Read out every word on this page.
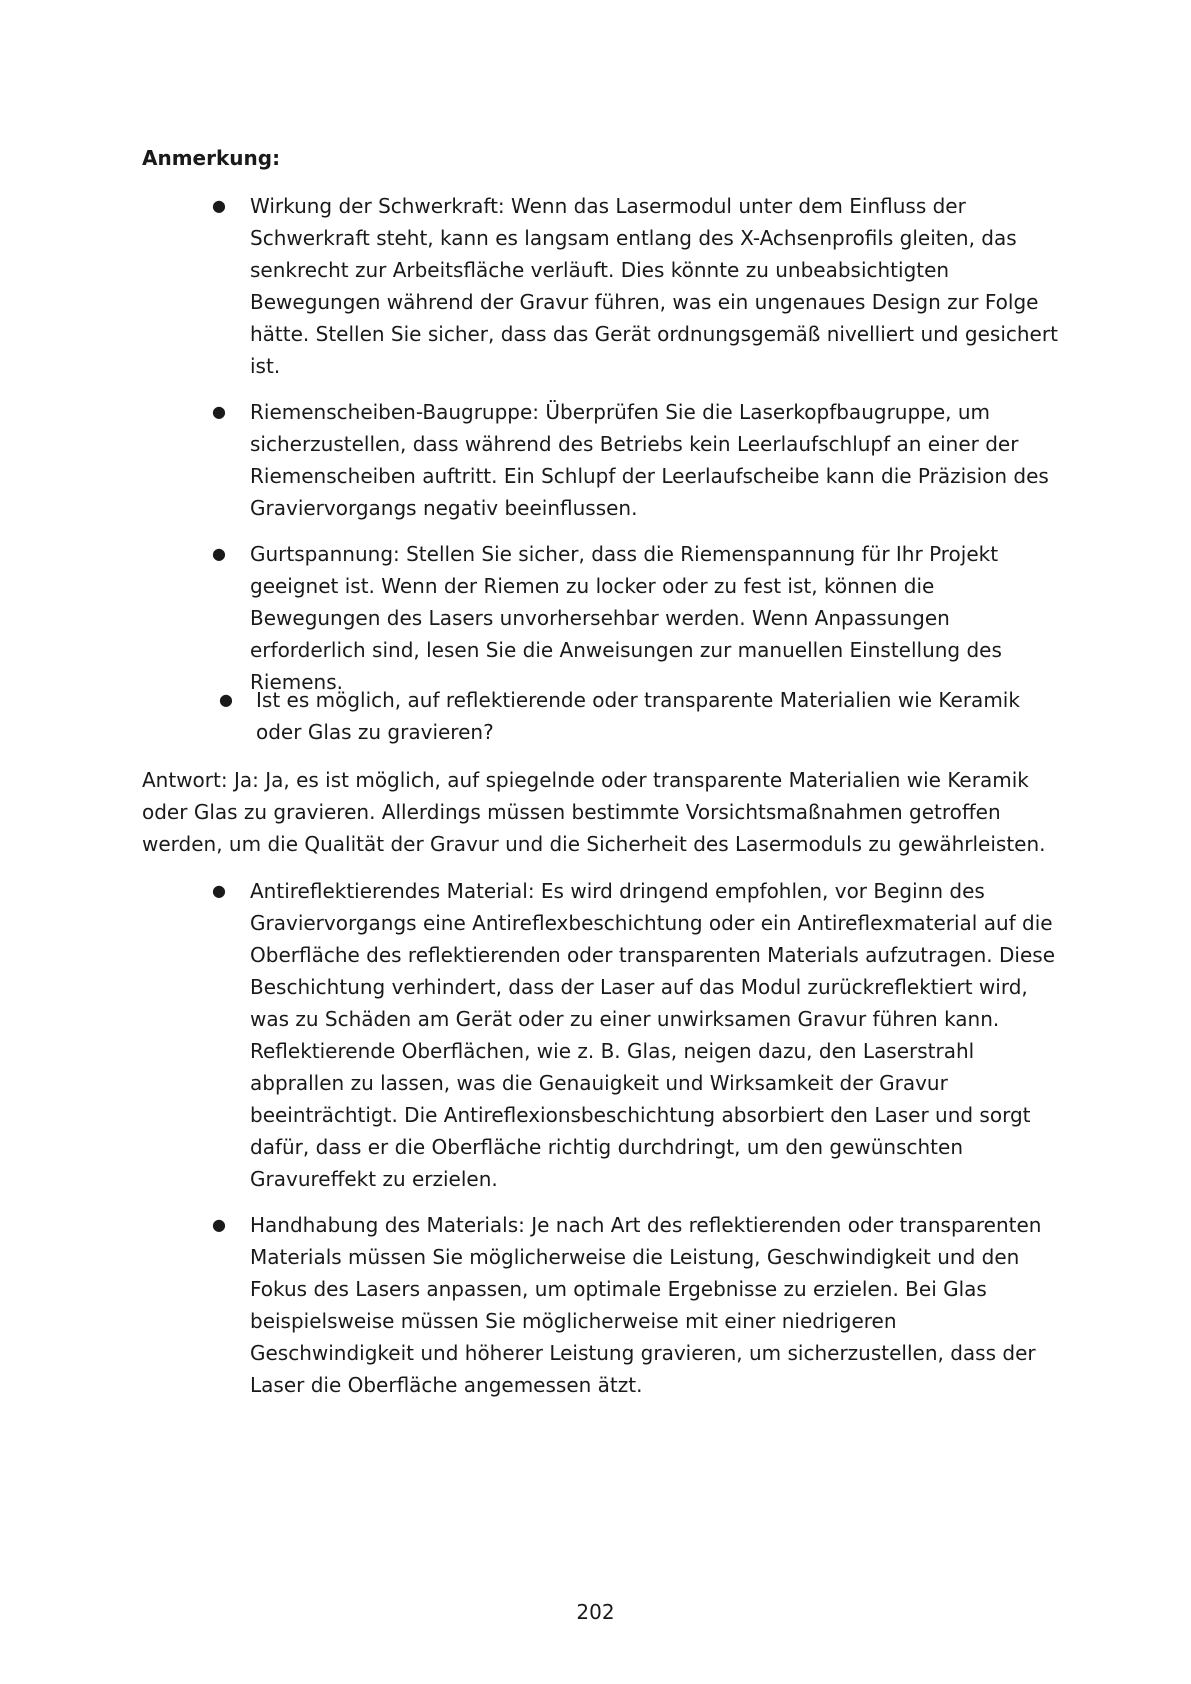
Anmerkung:
● Wirkung der Schwerkraft: Wenn das Lasermodul unter dem Einfluss der Schwerkraft steht, kann es langsam entlang des X-Achsenprofils gleiten, das senkrecht zur Arbeitsfläche verläuft. Dies könnte zu unbeabsichtigten Bewegungen während der Gravur führen, was ein ungenaues Design zur Folge hätte. Stellen Sie sicher, dass das Gerät ordnungsgemäß nivelliert und gesichert ist.
● Riemenscheiben-Baugruppe: Überprüfen Sie die Laserkopfbaugruppe, um sicherzustellen, dass während des Betriebs kein Leerlaufschlupf an einer der Riemenscheiben auftritt. Ein Schlupf der Leerlaufscheibe kann die Präzision des Graviervorgangs negativ beeinflussen.
● Gurtspannung: Stellen Sie sicher, dass die Riemenspannung für Ihr Projekt geeignet ist. Wenn der Riemen zu locker oder zu fest ist, können die Bewegungen des Lasers unvorhersehbar werden. Wenn Anpassungen erforderlich sind, lesen Sie die Anweisungen zur manuellen Einstellung des Riemens.
● Ist es möglich, auf reflektierende oder transparente Materialien wie Keramik oder Glas zu gravieren?
Antwort: Ja: Ja, es ist möglich, auf spiegelnde oder transparente Materialien wie Keramik oder Glas zu gravieren. Allerdings müssen bestimmte Vorsichtsmaßnahmen getroffen werden, um die Qualität der Gravur und die Sicherheit des Lasermoduls zu gewährleisten.
● Antireflektierendes Material: Es wird dringend empfohlen, vor Beginn des Graviervorgangs eine Antireflexbeschichtung oder ein Antireflexmaterial auf die Oberfläche des reflektierenden oder transparenten Materials aufzutragen. Diese Beschichtung verhindert, dass der Laser auf das Modul zurückreflektiert wird, was zu Schäden am Gerät oder zu einer unwirksamen Gravur führen kann. Reflektierende Oberflächen, wie z. B. Glas, neigen dazu, den Laserstrahl abprallen zu lassen, was die Genauigkeit und Wirksamkeit der Gravur beeinträchtigt. Die Antireflexionsbeschichtung absorbiert den Laser und sorgt dafür, dass er die Oberfläche richtig durchdringt, um den gewünschten Gravureffekt zu erzielen.
● Handhabung des Materials: Je nach Art des reflektierenden oder transparenten Materials müssen Sie möglicherweise die Leistung, Geschwindigkeit und den Fokus des Lasers anpassen, um optimale Ergebnisse zu erzielen. Bei Glas beispielsweise müssen Sie möglicherweise mit einer niedrigeren Geschwindigkeit und höherer Leistung gravieren, um sicherzustellen, dass der Laser die Oberfläche angemessen ätzt.
202
